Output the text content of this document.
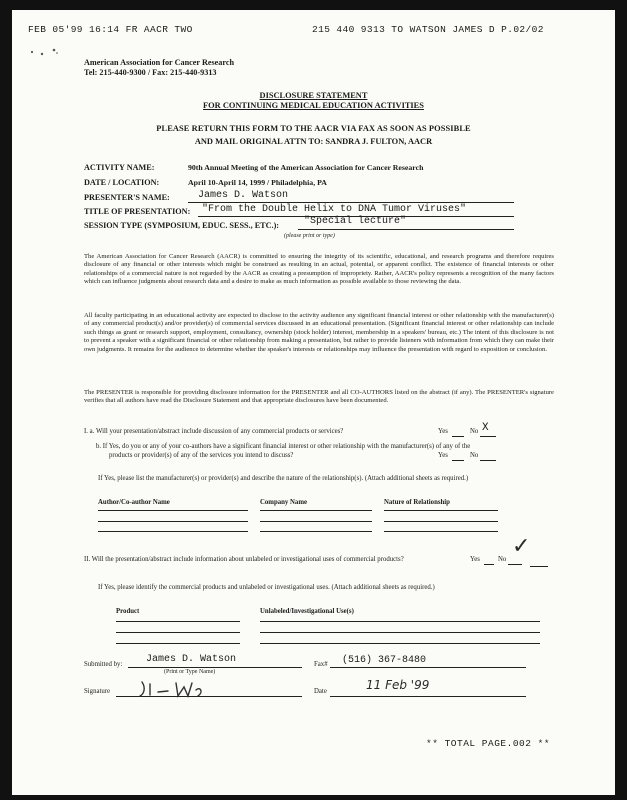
FEB 05'99 16:14 FR AACR TWO	215 440 9313 TO WATSON JAMES D P.02/02
American Association for Cancer Research
Tel: 215-440-9300 / Fax: 215-440-9313
DISCLOSURE STATEMENT
FOR CONTINUING MEDICAL EDUCATION ACTIVITIES
PLEASE RETURN THIS FORM TO THE AACR VIA FAX AS SOON AS POSSIBLE
AND MAIL ORIGINAL ATTN TO: SANDRA J. FULTON, AACR
ACTIVITY NAME:	90th Annual Meeting of the American Association for Cancer Research
DATE / LOCATION:	April 10-April 14, 1999 / Philadelphia, PA
PRESENTER'S NAME:	James D. Watson
TITLE OF PRESENTATION: "From the Double Helix to DNA Tumor Viruses"
SESSION TYPE (SYMPOSIUM, EDUC. SESS., ETC.): "Special lecture"
(please print or type)
The American Association for Cancer Research (AACR) is committed to ensuring the integrity of its scientific, educational, and research programs and therefore requires disclosure of any financial or other interests which might be construed as resulting in an actual, potential, or apparent conflict. The existence of financial interests or other relationships of a commercial nature is not regarded by the AACR as creating a presumption of impropriety. Rather, AACR's policy represents a recognition of the many factors which can influence judgments about research data and a desire to make as much information as possible available to those reviewing the data.
All faculty participating in an educational activity are expected to disclose to the activity audience any significant financial interest or other relationship with the manufacturer(s) of any commercial product(s) and/or provider(s) of commercial services discussed in an educational presentation. (Significant financial interest or other relationship can include such things as grant or research support, employment, consultancy, ownership (stock holder) interest, membership in a speakers' bureau, etc.) The intent of this disclosure is not to prevent a speaker with a significant financial or other relationship from making a presentation, but rather to provide listeners with information from which they can make their own judgments. It remains for the audience to determine whether the speaker's interests or relationships may influence the presentation with regard to exposition or conclusion.
The PRESENTER is responsible for providing disclosure information for the PRESENTER and all CO-AUTHORS listed on the abstract (if any). The PRESENTER's signature verifies that all authors have read the Disclosure Statement and that appropriate disclosures have been documented.
I. a. Will your presentation/abstract include discussion of any commercial products or services?	Yes	No X
b. If Yes, do you or any of your co-authors have a significant financial interest or other relationship with the manufacturer(s) of any of the
products or provider(s) of any of the services you intend to discuss?	Yes	No
If Yes, please list the manufacturer(s) or provider(s) and describe the nature of the relationship(s). (Attach additional sheets as required.)
Author/Co-author Name	Company Name	Nature of Relationship
II. Will the presentation/abstract include information about unlabeled or investigational uses of commercial products?	Yes	No
✓
If Yes, please identify the commercial products and unlabeled or investigational uses. (Attach additional sheets as required.)
Product	Unlabeled/Investigational Use(s)
Submitted by: James D. Watson
(Print or Type Name)
Fax# (516) 367-8480
Signature	Date	11 Feb '99
** TOTAL PAGE.002 **
